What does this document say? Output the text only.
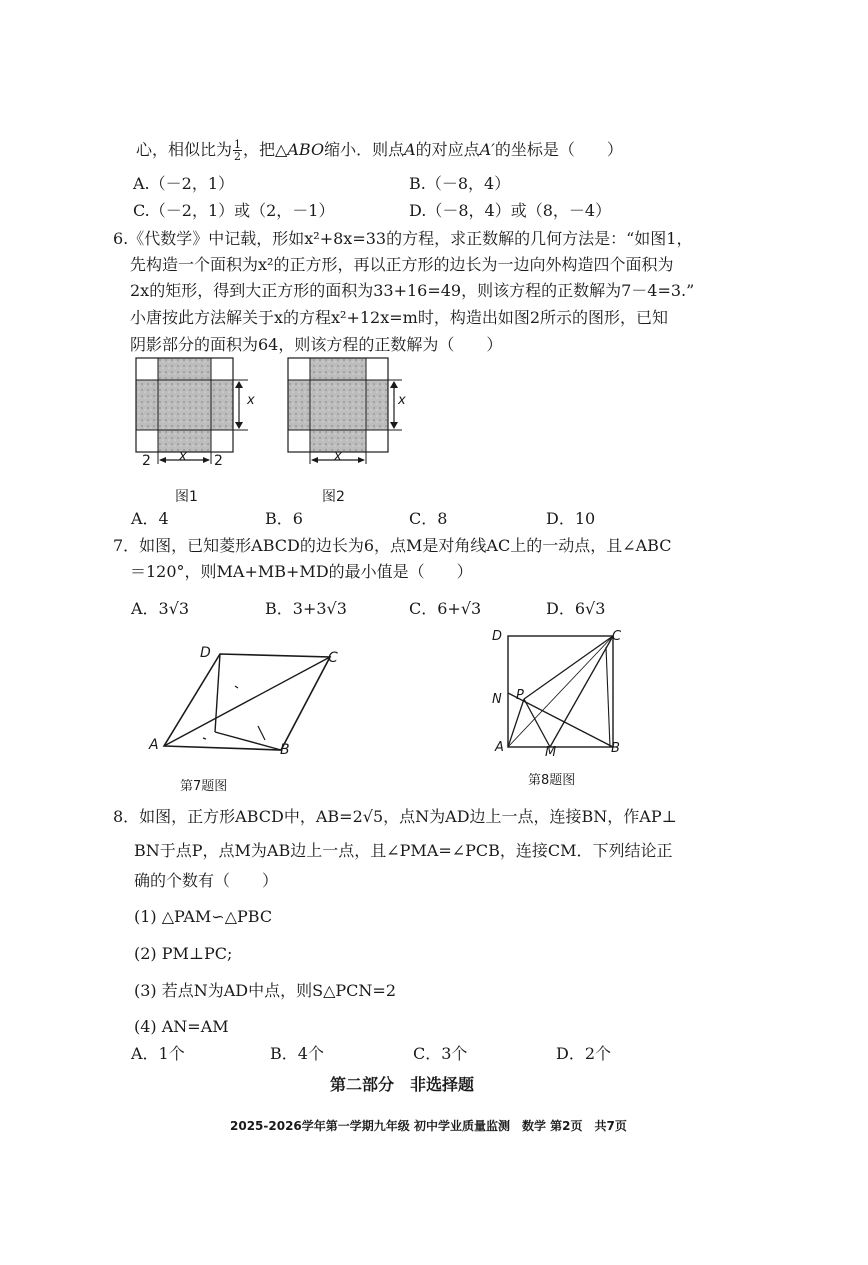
心，相似比为 $\frac{1}{2}$ ，把△ABO缩小．则点A的对应点A′的坐标是（　　）
A.（－2，1）	B.（－8，4）
C.（－2，1）或（2，－1）	D.（－8，4）或（8，－4）
6.《代数学》中记载，形如x²+8x=33的方程，求正数解的几何方法是：“如图1，
先构造一个面积为x²的正方形，再以正方形的边长为一边向外构造四个面积为
2x的矩形，得到大正方形的面积为33+16=49，则该方程的正数解为7－4=3.”
小唐按此方法解关于x的方程x²+12x=m时，构造出如图2所示的图形，已知
阴影部分的面积为64，则该方程的正数解为（　　）
x
2 x 2
图1
x
x
图2
A．4	B．6	C．8	D．10
7．如图，已知菱形ABCD的边长为6，点M是对角线AC上的一动点，且∠ABC
＝120°，则MA+MB+MD的最小值是（　　）
A．3√3	B．3+3√3	C．6+√3	D．6√3
D	C
A	B
第7题图
D	C
N P
A	M	B
第8题图
8．如图，正方形ABCD中，AB=2√5，点N为AD边上一点，连接BN，作AP⊥
BN于点P，点M为AB边上一点，且∠PMA=∠PCB，连接CM．下列结论正
确的个数有（　　）
(1) △PAM∽△PBC
(2) PM⊥PC;
(3) 若点N为AD中点，则S△PCN=2
(4) AN=AM
A．1个	B．4个	C．3个	D．2个
第二部分　非选择题
2025-2026学年第一学期九年级 初中学业质量监测　数学 第2页　共7页
